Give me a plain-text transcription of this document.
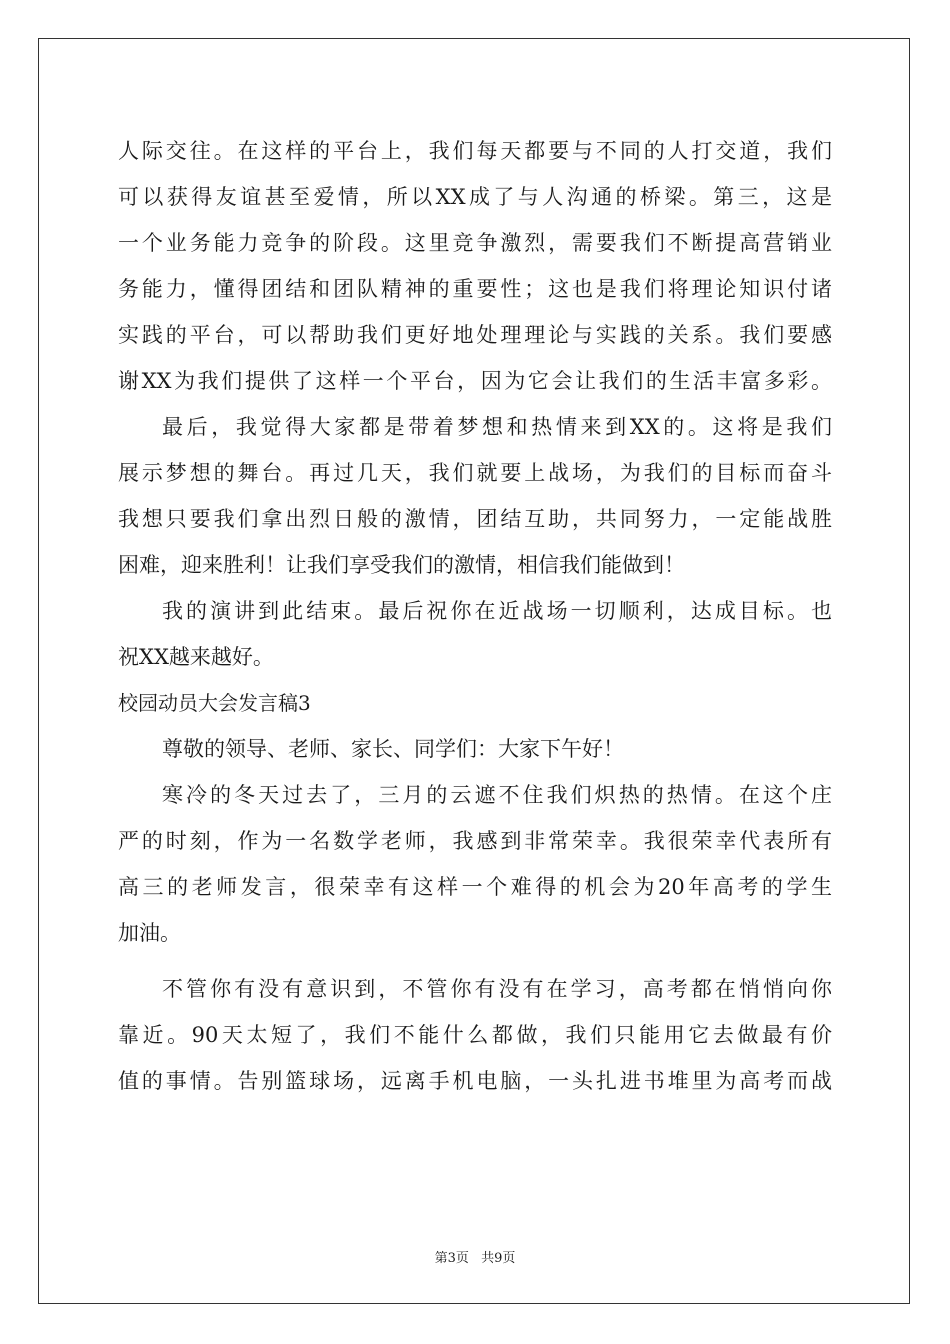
人际交往。在这样的平台上，我们每天都要与不同的人打交道，我们
可以获得友谊甚至爱情，所以XX成了与人沟通的桥梁。第三，这是
一个业务能力竞争的阶段。这里竞争激烈，需要我们不断提高营销业
务能力，懂得团结和团队精神的重要性；这也是我们将理论知识付诸
实践的平台，可以帮助我们更好地处理理论与实践的关系。我们要感
谢XX为我们提供了这样一个平台，因为它会让我们的生活丰富多彩。
最后，我觉得大家都是带着梦想和热情来到XX的。这将是我们
展示梦想的舞台。再过几天，我们就要上战场，为我们的目标而奋斗
我想只要我们拿出烈日般的激情，团结互助，共同努力，一定能战胜
困难，迎来胜利！让我们享受我们的激情，相信我们能做到！
我的演讲到此结束。最后祝你在近战场一切顺利，达成目标。也
祝XX越来越好。
校园动员大会发言稿3
尊敬的领导、老师、家长、同学们：大家下午好！
寒冷的冬天过去了，三月的云遮不住我们炽热的热情。在这个庄
严的时刻，作为一名数学老师，我感到非常荣幸。我很荣幸代表所有
高三的老师发言，很荣幸有这样一个难得的机会为20年高考的学生
加油。
不管你有没有意识到，不管你有没有在学习，高考都在悄悄向你
靠近。90天太短了，我们不能什么都做，我们只能用它去做最有价
值的事情。告别篮球场，远离手机电脑，一头扎进书堆里为高考而战
第3页 共9页
